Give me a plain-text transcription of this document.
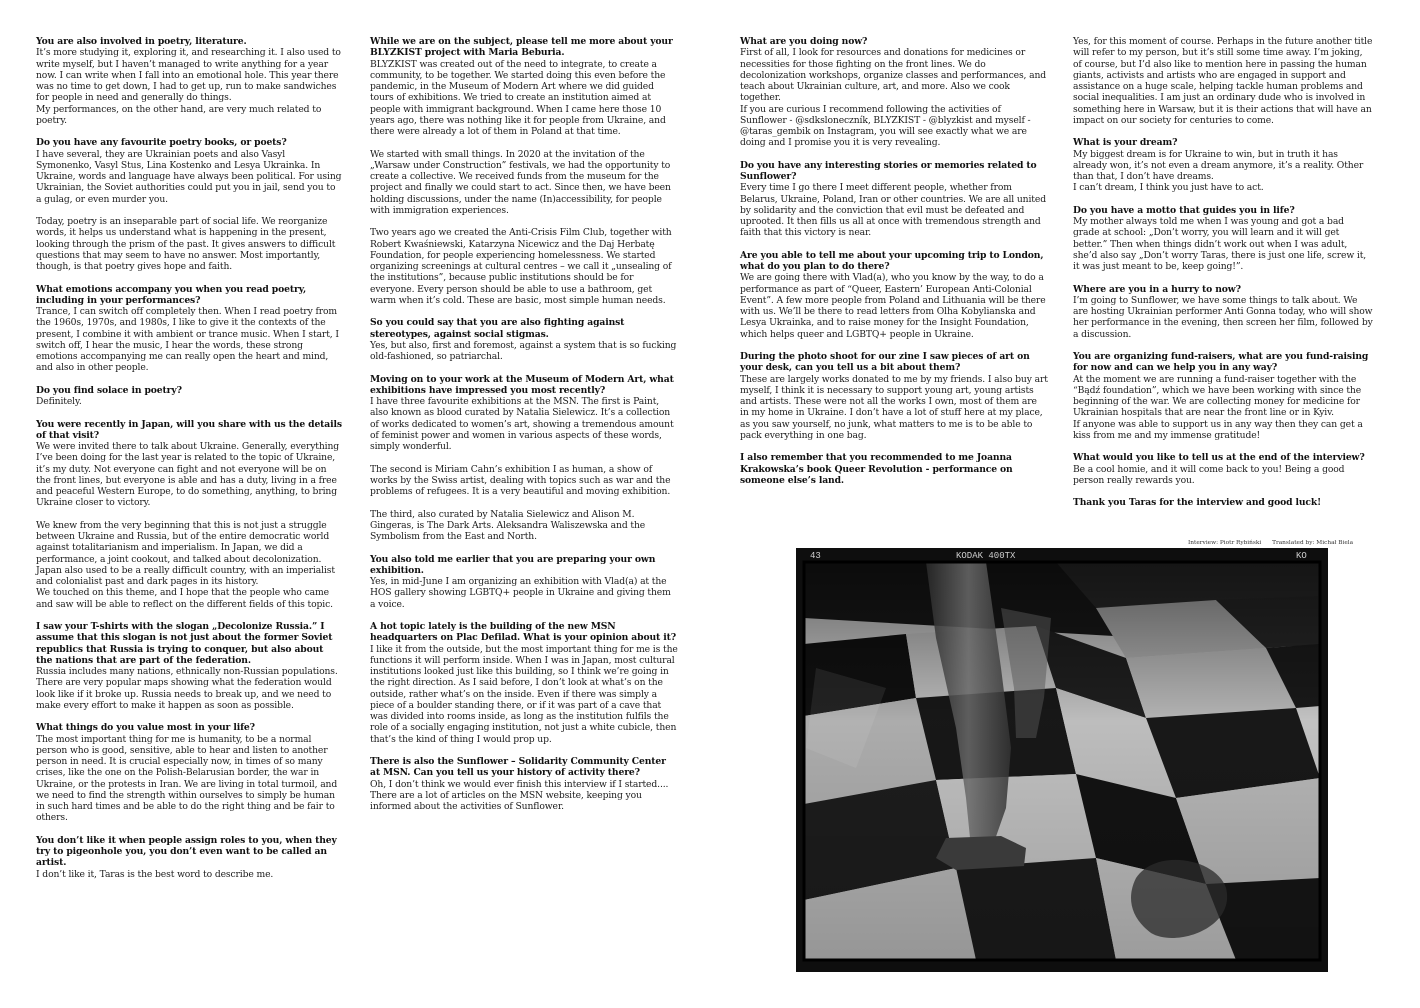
You are also involved in poetry, literature.

It’s more studying it, exploring it, and researching it. I also used to write myself, but I haven’t managed to write anything for a year now. I can write when I fall into an emotional hole. This year there was no time to get down, I had to get up, run to make sandwiches for people in need and generally do things.

My performances, on the other hand, are very much related to poetry.

Do you have any favourite poetry books, or poets?

I have several, they are Ukrainian poets and also Vasyl Symonenko, Vasyl Stus, Lina Kostenko and Lesya Ukrainka. In Ukraine, words and language have always been political. For using Ukrainian, the Soviet authorities could put you in jail, send you to a gulag, or even murder you.

Today, poetry is an inseparable part of social life. We reorganize words, it helps us understand what is happening in the present, looking through the prism of the past. It gives answers to difficult questions that may seem to have no answer. Most importantly, though, is that poetry gives hope and faith.

What emotions accompany you when you read poetry, including in your performances?

Trance, I can switch off completely then. When I read poetry from the 1960s, 1970s, and 1980s, I like to give it the contexts of the present, I combine it with ambient or trance music. When I start, I switch off, I hear the music, I hear the words, these strong emotions accompanying me can really open the heart and mind, and also in other people.

Do you find solace in poetry?

Definitely.

You were recently in Japan, will you share with us the details of that visit?

We were invited there to talk about Ukraine. Generally, everything I’ve been doing for the last year is related to the topic of Ukraine, it’s my duty. Not everyone can fight and not everyone will be on the front lines, but everyone is able and has a duty, living in a free and peaceful Western Europe, to do something, anything, to bring Ukraine closer to victory.

We knew from the very beginning that this is not just a struggle between Ukraine and Russia, but of the entire democratic world against totalitarianism and imperialism. In Japan, we did a performance, a joint cookout, and talked about decolonization. Japan also used to be a really difficult country, with an imperialist and colonialist past and dark pages in its history.

We touched on this theme, and I hope that the people who came and saw will be able to reflect on the different fields of this topic.

I saw your T-shirts with the slogan „Decolonize Russia.” I assume that this slogan is not just about the former Soviet republics that Russia is trying to conquer, but also about the nations that are part of the federation.

Russia includes many nations, ethnically non-Russian populations. There are very popular maps showing what the federation would look like if it broke up. Russia needs to break up, and we need to make every effort to make it happen as soon as possible.

What things do you value most in your life?

The most important thing for me is humanity, to be a normal person who is good, sensitive, able to hear and listen to another person in need. It is crucial especially now, in times of so many crises, like the one on the Polish-Belarusian border, the war in Ukraine, or the protests in Iran. We are living in total turmoil, and we need to find the strength within ourselves to simply be human in such hard times and be able to do the right thing and be fair to others.

You don’t like it when people assign roles to you, when they try to pigeonhole you, you don’t even want to be called an artist.

I don’t like it, Taras is the best word to describe me.

While we are on the subject, please tell me more about your BLYZKIST project with Maria Beburia.

BLYZKIST was created out of the need to integrate, to create a community, to be together. We started doing this even before the pandemic, in the Museum of Modern Art where we did guided tours of exhibitions. We tried to create an institution aimed at people with immigrant background. When I came here those 10 years ago, there was nothing like it for people from Ukraine, and there were already a lot of them in Poland at that time.

We started with small things. In 2020 at the invitation of the „Warsaw under Construction” festivals, we had the opportunity to create a collective. We received funds from the museum for the project and finally we could start to act. Since then, we have been holding discussions, under the name (In)accessibility, for people with immigration experiences.

Two years ago we created the Anti-Crisis Film Club, together with Robert Kwaśniewski, Katarzyna Nicewicz and the Daj Herbatę Foundation, for people experiencing homelessness. We started organizing screenings at cultural centres – we call it „unsealing of the institutions”, because public institutions should be for everyone. Every person should be able to use a bathroom, get warm when it’s cold. These are basic, most simple human needs.

So you could say that you are also fighting against stereotypes, against social stigmas.

Yes, but also, first and foremost, against a system that is so fucking old-fashioned, so patriarchal.

Moving on to your work at the Museum of Modern Art, what exhibitions have impressed you most recently?

I have three favourite exhibitions at the MSN. The first is Paint, also known as blood curated by Natalia Sielewicz. It’s a collection of works dedicated to women’s art, showing a tremendous amount of feminist power and women in various aspects of these words, simply wonderful.

The second is Miriam Cahn’s exhibition I as human, a show of works by the Swiss artist, dealing with topics such as war and the problems of refugees. It is a very beautiful and moving exhibition.

The third, also curated by Natalia Sielewicz and Alison M. Gingeras, is The Dark Arts. Aleksandra Waliszewska and the Symbolism from the East and North.

You also told me earlier that you are preparing your own exhibition.

Yes, in mid-June I am organizing an exhibition with Vlad(a) at the HOS gallery showing LGBTQ+ people in Ukraine and giving them a voice.

A hot topic lately is the building of the new MSN headquarters on Plac Defilad. What is your opinion about it?

I like it from the outside, but the most important thing for me is the functions it will perform inside. When I was in Japan, most cultural institutions looked just like this building, so I think we’re going in the right direction. As I said before, I don’t look at what’s on the outside, rather what’s on the inside. Even if there was simply a piece of a boulder standing there, or if it was part of a cave that was divided into rooms inside, as long as the institution fulfils the role of a socially engaging institution, not just a white cubicle, then that’s the kind of thing I would prop up.

There is also the Sunflower – Solidarity Community Center at MSN. Can you tell us your history of activity there?

Oh, I don’t think we would ever finish this interview if I started.... There are a lot of articles on the MSN website, keeping you informed about the activities of Sunflower.

What are you doing now?

First of all, I look for resources and donations for medicines or necessities for those fighting on the front lines. We do decolonization workshops, organize classes and performances, and teach about Ukrainian culture, art, and more. Also we cook together.

If you are curious I recommend following the activities of Sunflower - @sdksloneczník, BLYZKIST - @blyzkist and myself - @taras_gembik on Instagram, you will see exactly what we are doing and I promise you it is very revealing.

Do you have any interesting stories or memories related to Sunflower?

Every time I go there I meet different people, whether from Belarus, Ukraine, Poland, Iran or other countries. We are all united by solidarity and the conviction that evil must be defeated and uprooted. It then fills us all at once with tremendous strength and faith that this victory is near.

Are you able to tell me about your upcoming trip to London, what do you plan to do there?

We are going there with Vlad(a), who you know by the way, to do a performance as part of “Queer, Eastern’ European Anti-Colonial Event”. A few more people from Poland and Lithuania will be there with us. We’ll be there to read letters from Olha Kobylianska and Lesya Ukrainka, and to raise money for the Insight Foundation, which helps queer and LGBTQ+ people in Ukraine.

During the photo shoot for our zine I saw pieces of art on your desk, can you tell us a bit about them?

These are largely works donated to me by my friends. I also buy art myself, I think it is necessary to support young art, young artists and artists. These were not all the works I own, most of them are in my home in Ukraine. I don’t have a lot of stuff here at my place, as you saw yourself, no junk, what matters to me is to be able to pack everything in one bag.

I also remember that you recommended to me Joanna Krakowska’s book Queer Revolution - performance on someone else’s land.

Yes, for this moment of course. Perhaps in the future another title will refer to my person, but it’s still some time away. I’m joking, of course, but I’d also like to mention here in passing the human giants, activists and artists who are engaged in support and assistance on a huge scale, helping tackle human problems and social inequalities. I am just an ordinary dude who is involved in something here in Warsaw, but it is their actions that will have an impact on our society for centuries to come.

What is your dream?

My biggest dream is for Ukraine to win, but in truth it has already won, it’s not even a dream anymore, it’s a reality. Other than that, I don’t have dreams.

I can’t dream, I think you just have to act.

Do you have a motto that guides you in life?

My mother always told me when I was young and got a bad grade at school: „Don’t worry, you will learn and it will get better.” Then when things didn’t work out when I was adult, she’d also say „Don’t worry Taras, there is just one life, screw it, it was just meant to be, keep going!”.

Where are you in a hurry to now?

I’m going to Sunflower, we have some things to talk about. We are hosting Ukrainian performer Anti Gonna today, who will show her performance in the evening, then screen her film, followed by a discussion.

You are organizing fund-raisers, what are you fund-raising for now and can we help you in any way?

At the moment we are running a fund-raiser together with the “Bądź foundation”, which we have been working with since the beginning of the war. We are collecting money for medicine for Ukrainian hospitals that are near the front line or in Kyiv.

If anyone was able to support us in any way then they can get a kiss from me and my immense gratitude!

What would you like to tell us at the end of the interview?

Be a cool homie, and it will come back to you! Being a good person really rewards you.

Thank you Taras for the interview and good luck!
Interview: Piotr Rybiński Translated by: Michał Biela
KODAK 400TX
43	KO
